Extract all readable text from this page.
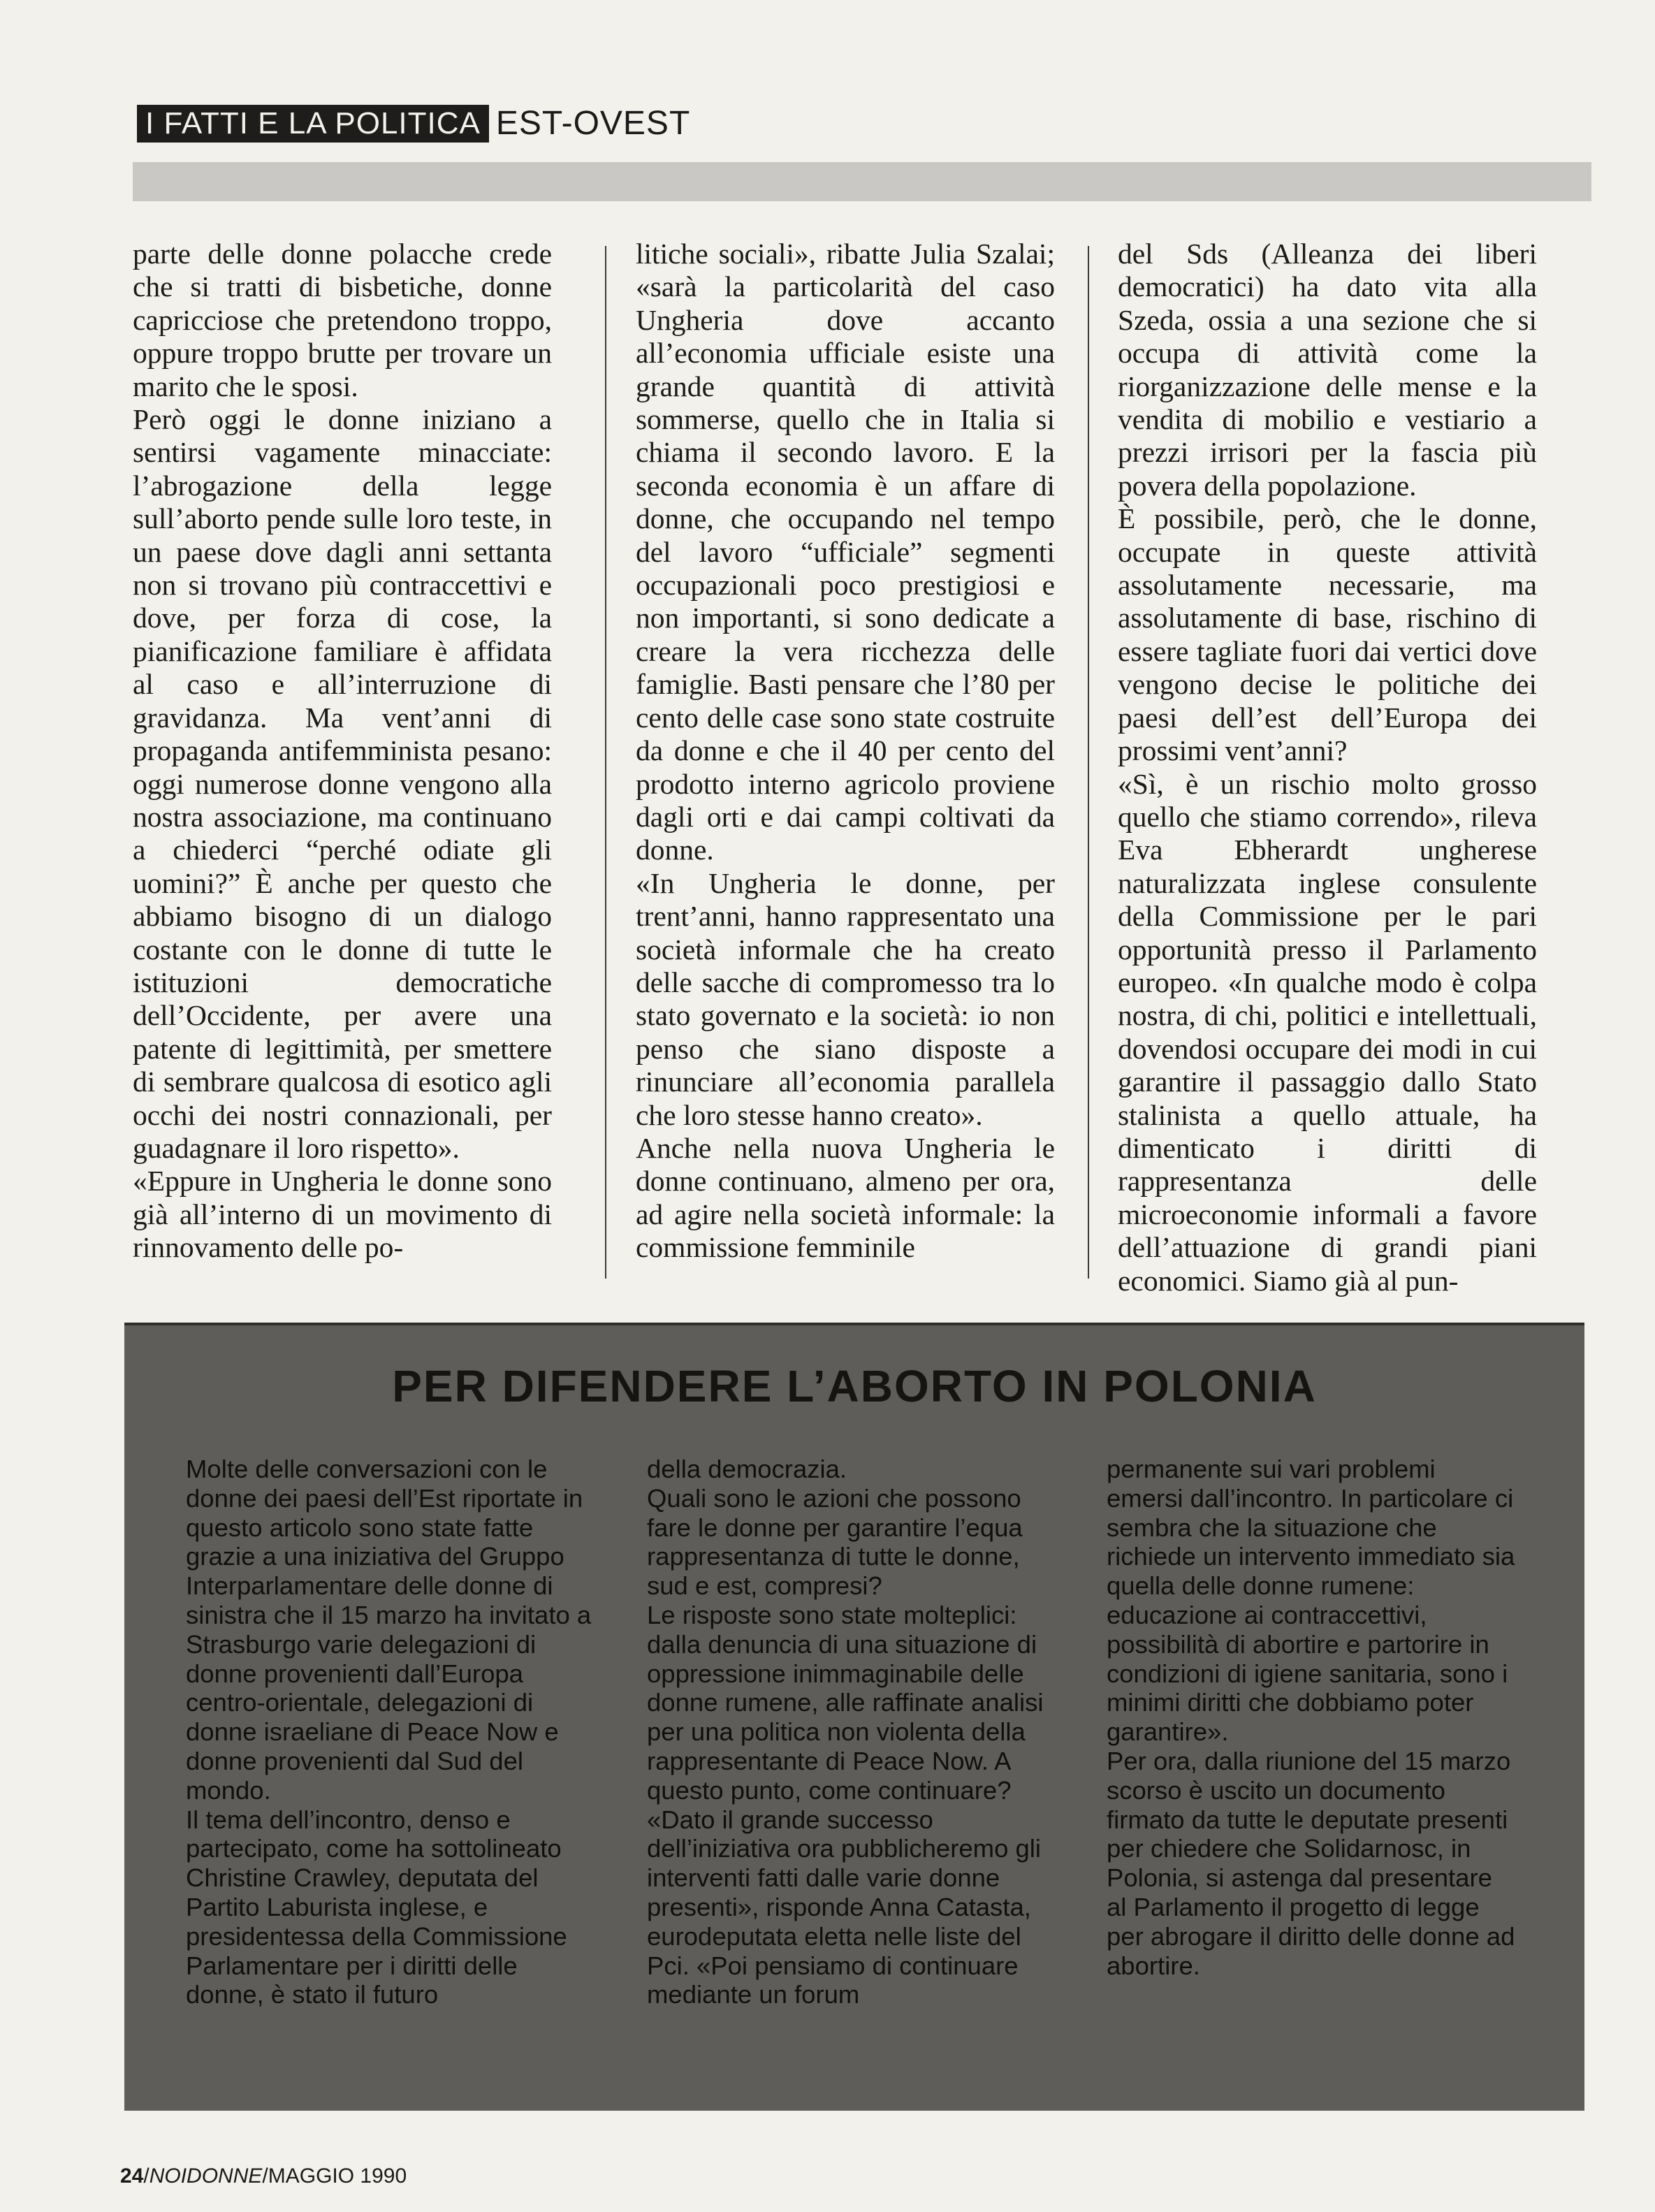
I FATTI E LA POLITICA EST-OVEST

parte delle donne polacche crede che si tratti di bisbetiche, donne capricciose che pretendono troppo, oppure troppo brutte per trovare un marito che le sposi.

Però oggi le donne iniziano a sentirsi vagamente minacciate: l’abrogazione della legge sull’aborto pende sulle loro teste, in un paese dove dagli anni settanta non si trovano più contraccettivi e dove, per forza di cose, la pianificazione familiare è affidata al caso e all’interruzione di gravidanza. Ma vent’anni di propaganda antifemminista pesano: oggi numerose donne vengono alla nostra associazione, ma continuano a chiederci “perché odiate gli uomini?” È anche per questo che abbiamo bisogno di un dialogo costante con le donne di tutte le istituzioni democratiche dell’Occidente, per avere una patente di legittimità, per smettere di sembrare qualcosa di esotico agli occhi dei nostri connazionali, per guadagnare il loro rispetto».

«Eppure in Ungheria le donne sono già all’interno di un movimento di rinnovamento delle po-

litiche sociali», ribatte Julia Szalai; «sarà la particolarità del caso Ungheria dove accanto all’economia ufficiale esiste una grande quantità di attività sommerse, quello che in Italia si chiama il secondo lavoro. E la seconda economia è un affare di donne, che occupando nel tempo del lavoro “ufficiale” segmenti occupazionali poco prestigiosi e non importanti, si sono dedicate a creare la vera ricchezza delle famiglie. Basti pensare che l’80 per cento delle case sono state costruite da donne e che il 40 per cento del prodotto interno agricolo proviene dagli orti e dai campi coltivati da donne.

«In Ungheria le donne, per trent’anni, hanno rappresentato una società informale che ha creato delle sacche di compromesso tra lo stato governato e la società: io non penso che siano disposte a rinunciare all’economia parallela che loro stesse hanno creato».

Anche nella nuova Ungheria le donne continuano, almeno per ora, ad agire nella società informale: la commissione femminile

del Sds (Alleanza dei liberi democratici) ha dato vita alla Szeda, ossia a una sezione che si occupa di attività come la riorganizzazione delle mense e la vendita di mobilio e vestiario a prezzi irrisori per la fascia più povera della popolazione.

È possibile, però, che le donne, occupate in queste attività assolutamente necessarie, ma assolutamente di base, rischino di essere tagliate fuori dai vertici dove vengono decise le politiche dei paesi dell’est dell’Europa dei prossimi vent’anni?

«Sì, è un rischio molto grosso quello che stiamo correndo», rileva Eva Ebherardt ungherese naturalizzata inglese consulente della Commissione per le pari opportunità presso il Parlamento europeo. «In qualche modo è colpa nostra, di chi, politici e intellettuali, dovendosi occupare dei modi in cui garantire il passaggio dallo Stato stalinista a quello attuale, ha dimenticato i diritti di rappresentanza delle microeconomie informali a favore dell’attuazione di grandi piani economici. Siamo già al pun-

PER DIFENDERE L’ABORTO IN POLONIA

Molte delle conversazioni con le donne dei paesi dell’Est riportate in questo articolo sono state fatte grazie a una iniziativa del Gruppo Interparlamentare delle donne di sinistra che il 15 marzo ha invitato a Strasburgo varie delegazioni di donne provenienti dall’Europa centro-orientale, delegazioni di donne israeliane di Peace Now e donne provenienti dal Sud del mondo.

Il tema dell’incontro, denso e partecipato, come ha sottolineato Christine Crawley, deputata del Partito Laburista inglese, e presidentessa della Commissione Parlamentare per i diritti delle donne, è stato il futuro

della democrazia.

Quali sono le azioni che possono fare le donne per garantire l’equa rappresentanza di tutte le donne, sud e est, compresi?

Le risposte sono state molteplici: dalla denuncia di una situazione di oppressione inimmaginabile delle donne rumene, alle raffinate analisi per una politica non violenta della rappresentante di Peace Now. A questo punto, come continuare?

«Dato il grande successo dell’iniziativa ora pubblicheremo gli interventi fatti dalle varie donne presenti», risponde Anna Catasta, eurodeputata eletta nelle liste del Pci. «Poi pensiamo di continuare mediante un forum

permanente sui vari problemi emersi dall’incontro. In particolare ci sembra che la situazione che richiede un intervento immediato sia quella delle donne rumene: educazione ai contraccettivi, possibilità di abortire e partorire in condizioni di igiene sanitaria, sono i minimi diritti che dobbiamo poter garantire».

Per ora, dalla riunione del 15 marzo scorso è uscito un documento firmato da tutte le deputate presenti per chiedere che Solidarnosc, in Polonia, si astenga dal presentare al Parlamento il progetto di legge per abrogare il diritto delle donne ad abortire.

24/NOIDONNE/MAGGIO 1990
